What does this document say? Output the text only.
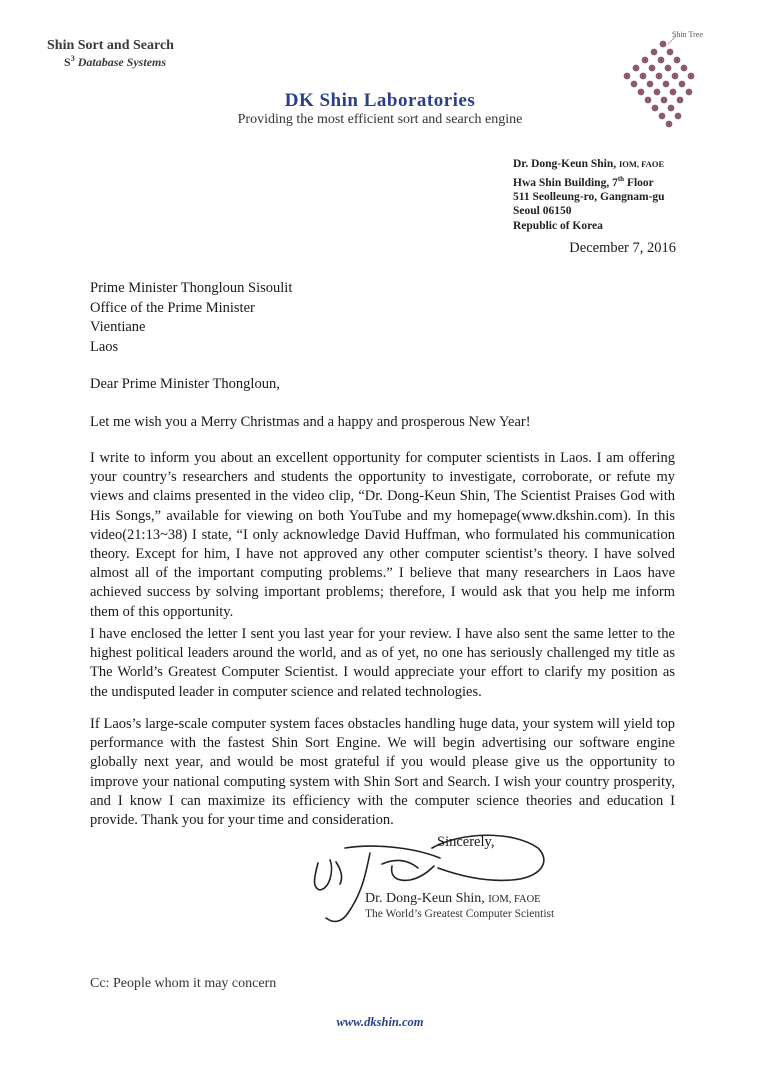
Shin Sort and Search
$S^3$ Database Systems
DK Shin Laboratories
Providing the most efficient sort and search engine
Shin Tree
Dr. Dong-Keun Shin, IOM, FAOE
Hwa Shin Building, 7th Floor
511 Seolleung-ro, Gangnam-gu
Seoul 06150
Republic of Korea
December 7, 2016
Prime Minister Thongloun Sisoulit
Office of the Prime Minister
Vientiane
Laos
Dear Prime Minister Thongloun,
Let me wish you a Merry Christmas and a happy and prosperous New Year!
I write to inform you about an excellent opportunity for computer scientists in Laos. I am offering your country’s researchers and students the opportunity to investigate, corroborate, or refute my views and claims presented in the video clip, “Dr. Dong-Keun Shin, The Scientist Praises God with His Songs,” available for viewing on both YouTube and my homepage(www.dkshin.com). In this video(21:13~38) I state, “I only acknowledge David Huffman, who formulated his communication theory. Except for him, I have not approved any other computer scientist’s theory. I have solved almost all of the important computing problems.” I believe that many researchers in Laos have achieved success by solving important problems; therefore, I would ask that you help me inform them of this opportunity.
I have enclosed the letter I sent you last year for your review. I have also sent the same letter to the highest political leaders around the world, and as of yet, no one has seriously challenged my title as The World’s Greatest Computer Scientist. I would appreciate your effort to clarify my position as the undisputed leader in computer science and related technologies.
If Laos’s large-scale computer system faces obstacles handling huge data, your system will yield top performance with the fastest Shin Sort Engine. We will begin advertising our software engine globally next year, and would be most grateful if you would please give us the opportunity to improve your national computing system with Shin Sort and Search. I wish your country prosperity, and I know I can maximize its efficiency with the computer science theories and education I provide. Thank you for your time and consideration.
Sincerely,
Dr. Dong-Keun Shin, IOM, FAOE
The World’s Greatest Computer Scientist
Cc: People whom it may concern
www.dkshin.com
